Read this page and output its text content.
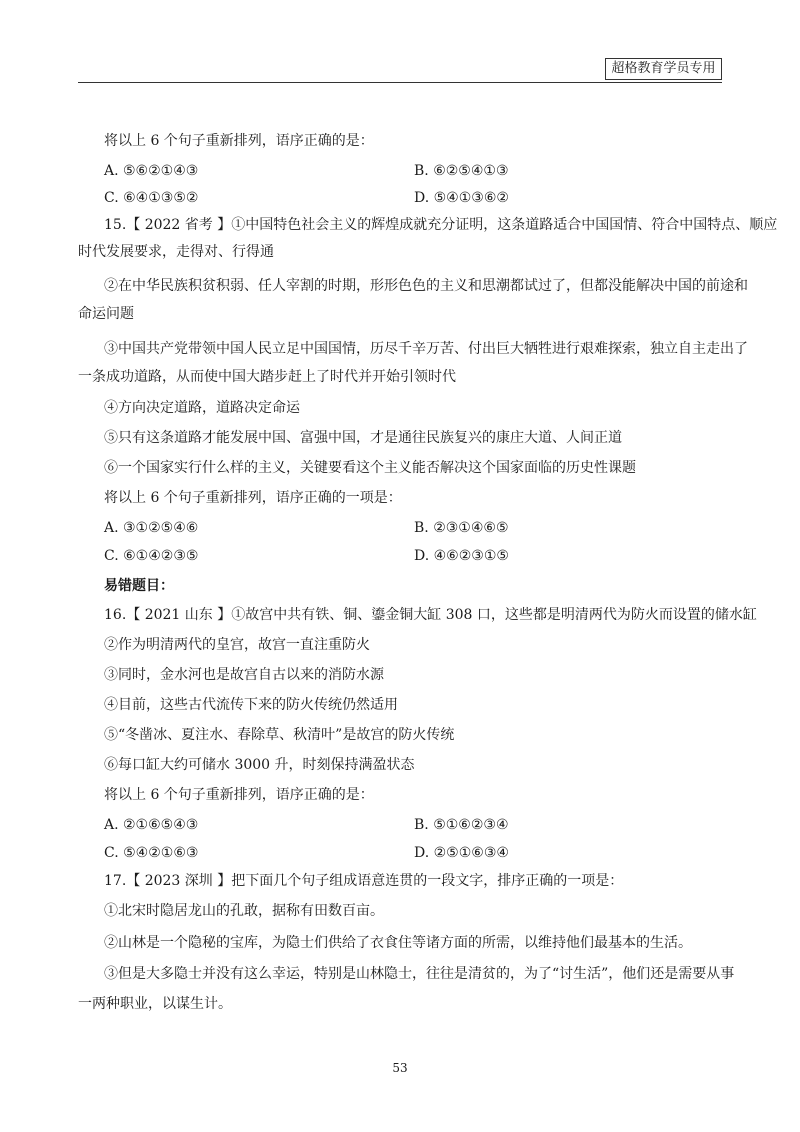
超格教育学员专用
将以上 6 个句子重新排列，语序正确的是：
A. ⑤⑥②①④③	B. ⑥②⑤④①③
C. ⑥④①③⑤②	D. ⑤④①③⑥②
15.【 2022 省考 】①中国特色社会主义的辉煌成就充分证明，这条道路适合中国国情、符合中国特点、顺应
时代发展要求，走得对、行得通
②在中华民族积贫积弱、任人宰割的时期，形形色色的主义和思潮都试过了，但都没能解决中国的前途和
命运问题
③中国共产党带领中国人民立足中国国情，历尽千辛万苦、付出巨大牺牲进行艰难探索，独立自主走出了
一条成功道路，从而使中国大踏步赶上了时代并开始引领时代
④方向决定道路，道路决定命运
⑤只有这条道路才能发展中国、富强中国，才是通往民族复兴的康庄大道、人间正道
⑥一个国家实行什么样的主义，关键要看这个主义能否解决这个国家面临的历史性课题
将以上 6 个句子重新排列，语序正确的一项是：
A. ③①②⑤④⑥	B. ②③①④⑥⑤
C. ⑥①④②③⑤	D. ④⑥②③①⑤
易错题目：
16.【 2021 山东 】①故宫中共有铁、铜、鎏金铜大缸 308 口，这些都是明清两代为防火而设置的储水缸
②作为明清两代的皇宫，故宫一直注重防火
③同时，金水河也是故宫自古以来的消防水源
④目前，这些古代流传下来的防火传统仍然适用
⑤“冬凿冰、夏注水、春除草、秋清叶”是故宫的防火传统
⑥每口缸大约可储水 3000 升，时刻保持满盈状态
将以上 6 个句子重新排列，语序正确的是：
A. ②①⑥⑤④③	B. ⑤①⑥②③④
C. ⑤④②①⑥③	D. ②⑤①⑥③④
17.【 2023 深圳 】把下面几个句子组成语意连贯的一段文字，排序正确的一项是：
①北宋时隐居龙山的孔敢，据称有田数百亩。
②山林是一个隐秘的宝库，为隐士们供给了衣食住等诸方面的所需，以维持他们最基本的生活。
③但是大多隐士并没有这么幸运，特别是山林隐士，往往是清贫的，为了“讨生活”，他们还是需要从事
一两种职业，以谋生计。
53
